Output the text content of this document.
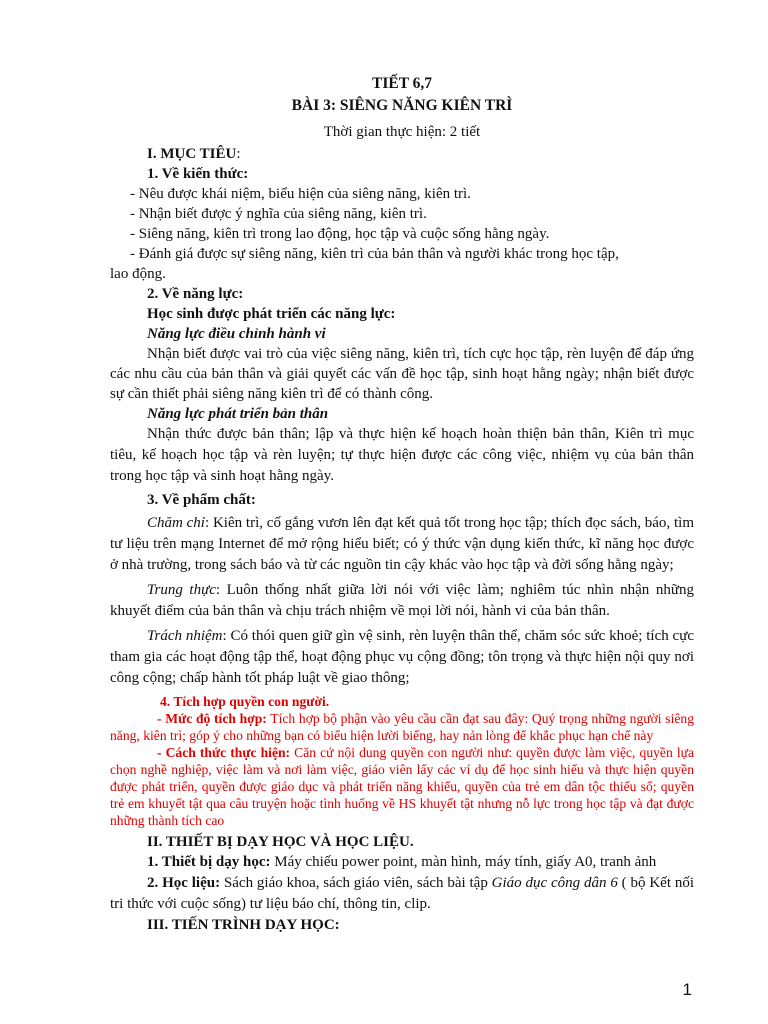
TIẾT 6,7

BÀI 3: SIÊNG NĂNG KIÊN TRÌ

Thời gian thực hiện: 2 tiết

I. MỤC TIÊU:

1. Về kiến thức:

- Nêu được khái niệm, biểu hiện của siêng năng, kiên trì.

- Nhận biết được ý nghĩa của siêng năng, kiên trì.

- Siêng năng, kiên trì trong lao động, học tập và cuộc sống hằng ngày.

- Đánh giá được sự siêng năng, kiên trì của bản thân và người khác trong học tập,

lao động.

2. Về năng lực:

Học sinh được phát triển các năng lực:

Năng lực điều chỉnh hành vi

Nhận biết được vai trò của việc siêng năng, kiên trì, tích cực học tập, rèn luyện để đáp ứng các nhu cầu của bản thân và giải quyết các vấn đề học tập, sinh hoạt hằng ngày; nhận biết được sự cần thiết phải siêng năng kiên trì để có thành công.

Năng lực phát triển bản thân

Nhận thức được bản thân; lập và thực hiện kế hoạch hoàn thiện bản thân, Kiên trì mục tiêu, kế hoạch học tập và rèn luyện; tự thực hiện được các công việc, nhiệm vụ của bản thân trong học tập và sinh hoạt hằng ngày.

3. Về phẩm chất:

Chăm chỉ: Kiên trì, cố gắng vươn lên đạt kết quả tốt trong học tập; thích đọc sách, báo, tìm tư liệu trên mạng Internet để mở rộng hiểu biết; có ý thức vận dụng kiến thức, kĩ năng học được ở nhà trường, trong sách báo và từ các nguồn tin cậy khác vào học tập và đời sống hằng ngày;

Trung thực: Luôn thống nhất giữa lời nói với việc làm; nghiêm túc nhìn nhận những khuyết điểm của bản thân và chịu trách nhiệm về mọi lời nói, hành vi của bản thân.

Trách nhiệm: Có thói quen giữ gìn vệ sinh, rèn luyện thân thể, chăm sóc sức khoẻ; tích cực tham gia các hoạt động tập thể, hoạt động phục vụ cộng đồng; tôn trọng và thực hiện nội quy nơi công cộng; chấp hành tốt pháp luật về giao thông;

4. Tích hợp quyền con người.

- Mức độ tích hợp: Tích hợp bộ phận vào yêu cầu cần đạt sau đây: Quý trọng những người siêng năng, kiên trì; góp ý cho những bạn có biểu hiện lười biếng, hay nản lòng để khắc phục hạn chế này

- Cách thức thực hiện: Căn cứ nội dung quyền con người như: quyền được làm việc, quyền lựa chọn nghề nghiệp, việc làm và nơi làm việc, giáo viên lấy các ví dụ để học sinh hiểu và thực hiện quyền được phát triển, quyền được giáo dục và phát triển năng khiếu, quyền của trẻ em dân tộc thiểu số; quyền trẻ em khuyết tật qua câu truyện hoặc tình huống về HS khuyết tật nhưng nỗ lực trong học tập và đạt được những thành tích cao

II. THIẾT BỊ DẠY HỌC VÀ HỌC LIỆU.

1. Thiết bị dạy học: Máy chiếu power point, màn hình, máy tính, giấy A0, tranh ảnh

2. Học liệu: Sách giáo khoa, sách giáo viên, sách bài tập Giáo dục công dân 6 ( bộ Kết nối tri thức với cuộc sống) tư liệu báo chí, thông tin, clip.

III. TIẾN TRÌNH DẠY HỌC:

1
